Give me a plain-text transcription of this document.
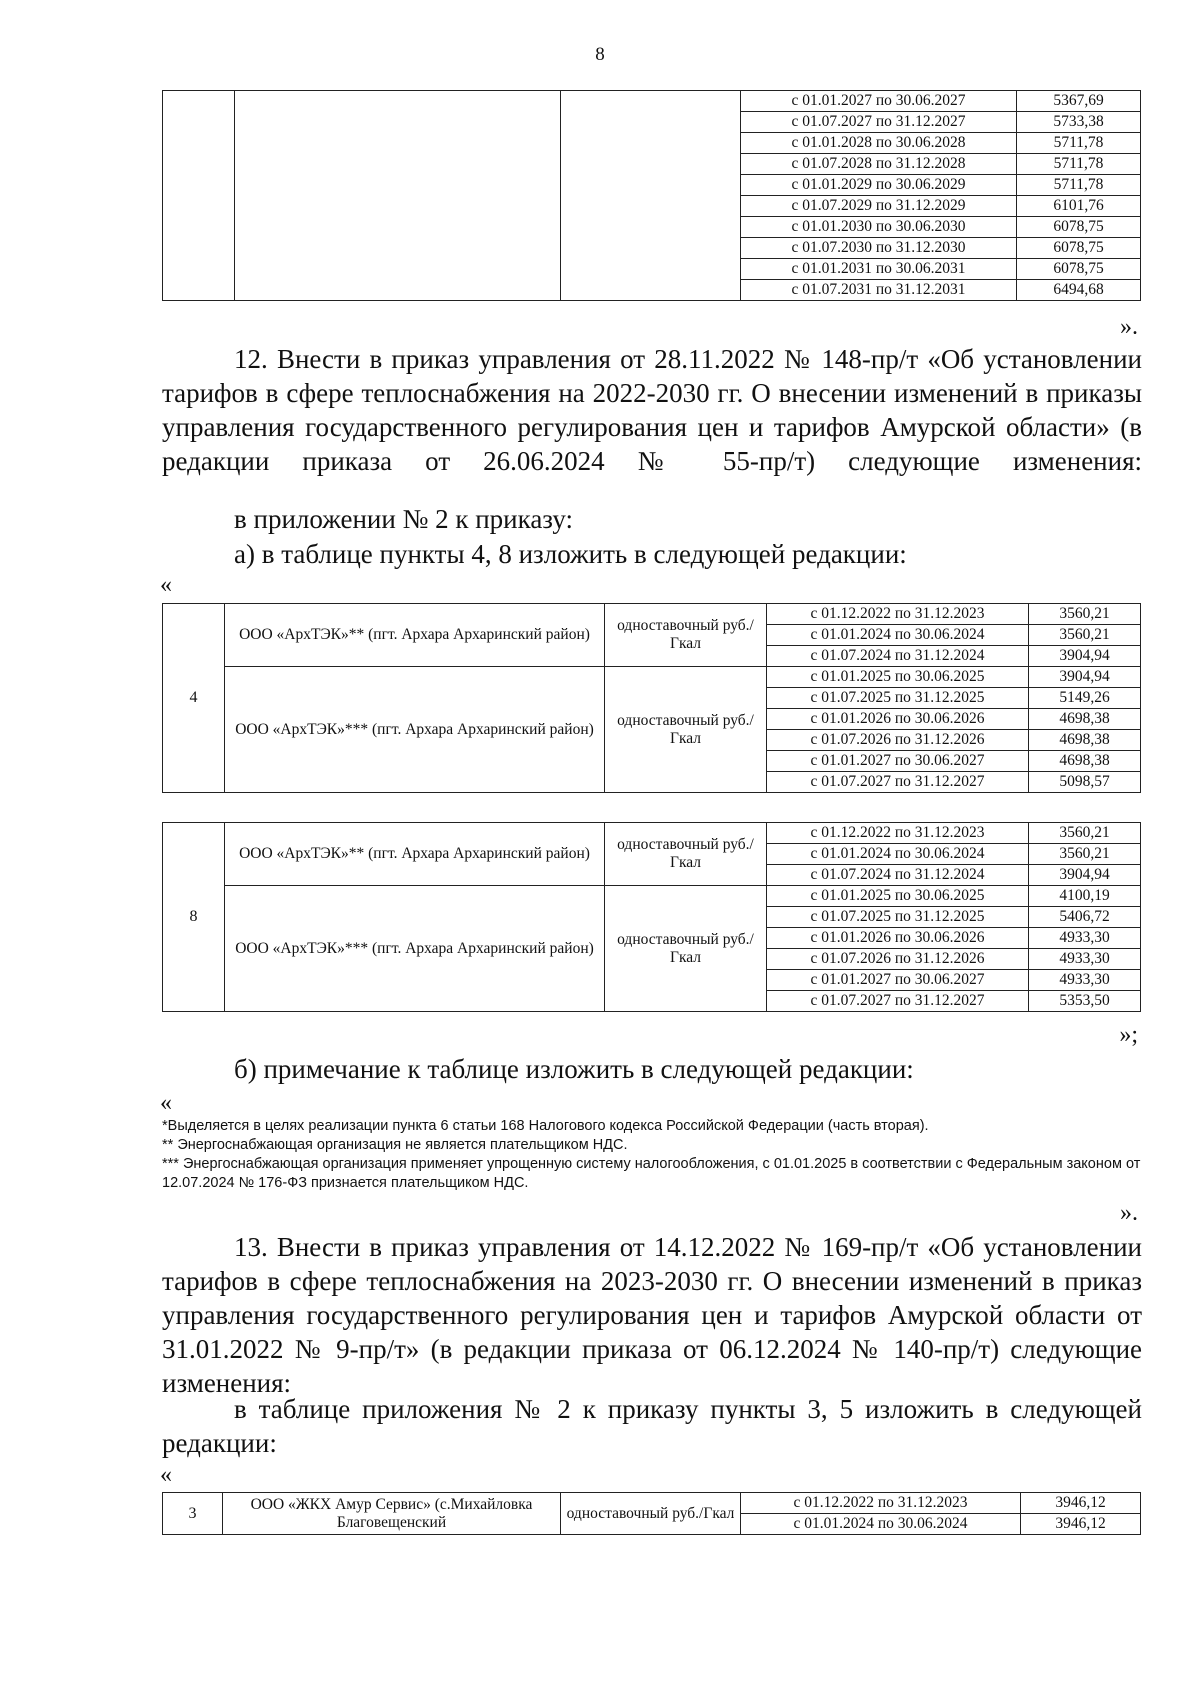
8
			с 01.01.2027 по 30.06.2027	5367,69
			с 01.07.2027 по 31.12.2027	5733,38
			с 01.01.2028 по 30.06.2028	5711,78
			с 01.07.2028 по 31.12.2028	5711,78
			с 01.01.2029 по 30.06.2029	5711,78
			с 01.07.2029 по 31.12.2029	6101,76
			с 01.01.2030 по 30.06.2030	6078,75
			с 01.07.2030 по 31.12.2030	6078,75
			с 01.01.2031 по 30.06.2031	6078,75
			с 01.07.2031 по 31.12.2031	6494,68
».
12. Внести в приказ управления от 28.11.2022 № 148-пр/т «Об установлении тарифов в сфере теплоснабжения на 2022-2030 гг. О внесении изменений в приказы управления государственного регулирования цен и тарифов Амурской области» (в редакции приказа от 26.06.2024 № 55-пр/т) следующие изменения:
в приложении № 2 к приказу:
а) в таблице пункты 4, 8 изложить в следующей редакции:
«
4	ООО «АрхТЭК»** (пгт. Архара Архаринский район)	одноставочный руб./Гкал	с 01.12.2022 по 31.12.2023	3560,21
			с 01.01.2024 по 30.06.2024	3560,21
			с 01.07.2024 по 31.12.2024	3904,94
	ООО «АрхТЭК»*** (пгт. Архара Архаринский район)	одноставочный руб./Гкал	с 01.01.2025 по 30.06.2025	3904,94
			с 01.07.2025 по 31.12.2025	5149,26
			с 01.01.2026 по 30.06.2026	4698,38
			с 01.07.2026 по 31.12.2026	4698,38
			с 01.01.2027 по 30.06.2027	4698,38
			с 01.07.2027 по 31.12.2027	5098,57
8	ООО «АрхТЭК»** (пгт. Архара Архаринский район)	одноставочный руб./Гкал	с 01.12.2022 по 31.12.2023	3560,21
			с 01.01.2024 по 30.06.2024	3560,21
			с 01.07.2024 по 31.12.2024	3904,94
	ООО «АрхТЭК»*** (пгт. Архара Архаринский район)	одноставочный руб./Гкал	с 01.01.2025 по 30.06.2025	4100,19
			с 01.07.2025 по 31.12.2025	5406,72
			с 01.01.2026 по 30.06.2026	4933,30
			с 01.07.2026 по 31.12.2026	4933,30
			с 01.01.2027 по 30.06.2027	4933,30
			с 01.07.2027 по 31.12.2027	5353,50
»;
б) примечание к таблице изложить в следующей редакции:
«
*Выделяется в целях реализации пункта 6 статьи 168 Налогового кодекса Российской Федерации (часть вторая).
** Энергоснабжающая организация не является плательщиком НДС.
*** Энергоснабжающая организация применяет упрощенную систему налогообложения, с 01.01.2025 в соответствии с Федеральным законом от 12.07.2024 № 176-ФЗ признается плательщиком НДС.
».
13. Внести в приказ управления от 14.12.2022 № 169-пр/т «Об установлении тарифов в сфере теплоснабжения на 2023-2030 гг. О внесении изменений в приказ управления государственного регулирования цен и тарифов Амурской области от 31.01.2022 № 9-пр/т» (в редакции приказа от 06.12.2024 № 140-пр/т) следующие изменения:
в таблице приложения № 2 к приказу пункты 3, 5 изложить в следующей редакции:
«
3	ООО «ЖКХ Амур Сервис» (с.Михайловка Благовещенский	одноставочный руб./Гкал	с 01.12.2022 по 31.12.2023	3946,12
			с 01.01.2024 по 30.06.2024	3946,12
